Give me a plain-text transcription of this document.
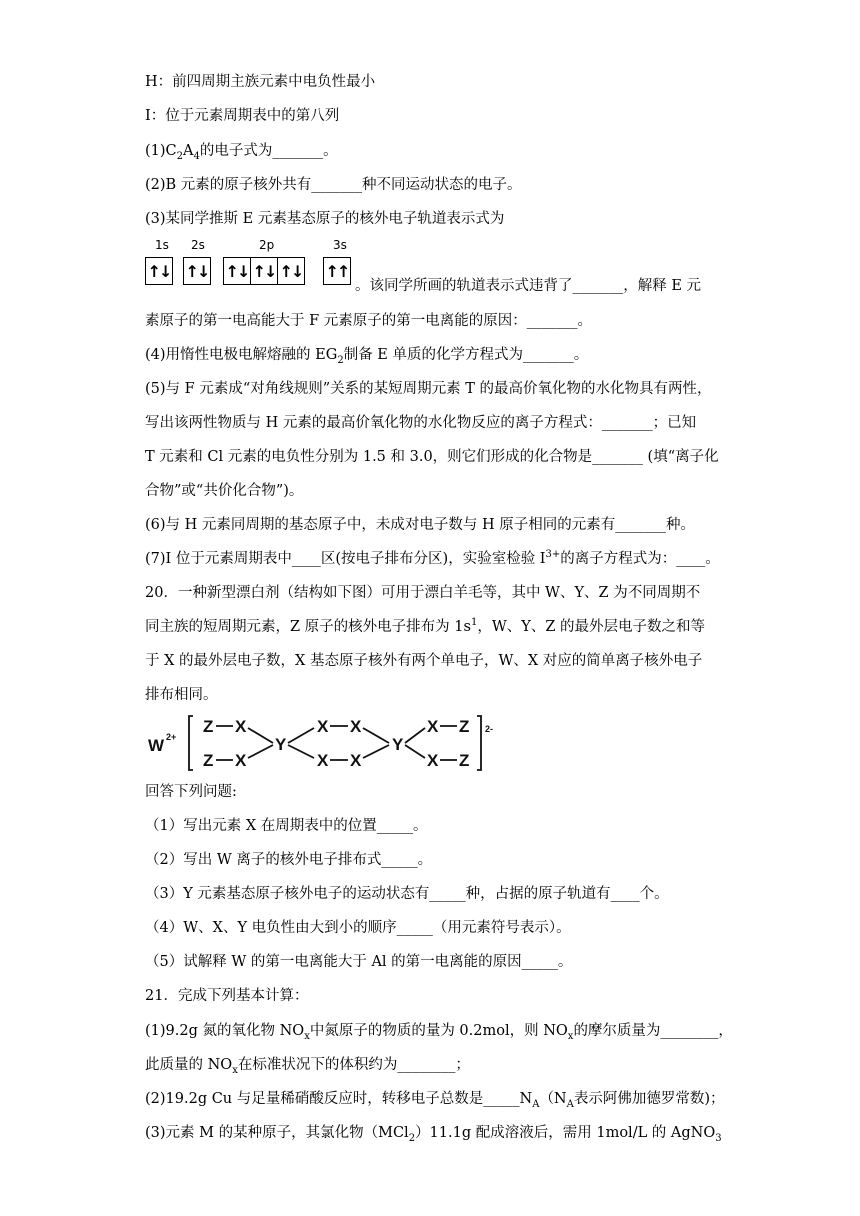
H：前四周期主族元素中电负性最小
I：位于元素周期表中的第八列
$(1)C_2A_4$的电子式为_______。
(2)B 元素的原子核外共有_______种不同运动状态的电子。
(3)某同学推斯 E 元素基态原子的核外电子轨道表示式为
1s 2s	2p	3s
↑↓ ↑↓ ↑↓ ↑↓ ↑↓ ↑↑
。该同学所画的轨道表示式违背了_______，解释 E 元
素原子的第一电高能大于 F 元素原子的第一电离能的原因：_______。
(4)用惰性电极电解熔融的 $EG_2$制备 E 单质的化学方程式为_______。
(5)与 F 元素成“对角线规则”关系的某短周期元素 T 的最高价氧化物的水化物具有两性，
写出该两性物质与 H 元素的最高价氧化物的水化物反应的离子方程式：_______；已知
T 元素和 Cl 元素的电负性分别为 1.5 和 3.0，则它们形成的化合物是_______ (填“离子化
合物”或“共价化合物”)。
(6)与 H 元素同周期的基态原子中，未成对电子数与 H 原子相同的元素有_______种。
(7)I 位于元素周期表中____区(按电子排布分区)，实验室检验 $I^{3+}$的离子方程式为：____。
20．一种新型漂白剂（结构如下图）可用于漂白羊毛等，其中 W、Y、Z 为不同周期不
同主族的短周期元素，Z 原子的核外电子排布为 $1s^1$，W、Y、Z 的最外层电子数之和等
于 X 的最外层电子数，X 基态原子核外有两个单电子，W、X 对应的简单离子核外电子
排布相同。
W 2+
Z X
Z X
Y
X X
X X
Y
X Z
X Z
2-
回答下列问题:
（1）写出元素 X 在周期表中的位置_____。
（2）写出 W 离子的核外电子排布式_____。
（3）Y 元素基态原子核外电子的运动状态有_____种，占据的原子轨道有____个。
（4）W、X、Y 电负性由大到小的顺序_____（用元素符号表示）。
（5）试解释 W 的第一电离能大于 Al 的第一电离能的原因_____。
21．完成下列基本计算：
(1)9.2g 氮的氧化物 $NO_x$中氮原子的物质的量为 0.2mol，则 $NO_x$的摩尔质量为________，
此质量的 $NO_x$在标准状况下的体积约为________；
(2)19.2g Cu 与足量稀硝酸反应时，转移电子总数是$\_\_\_\_\_N_A(N_A$表示阿佛加德罗常数)；
(3)元素 M 的某种原子，其氯化物（MCl$_2$）11.1g 配成溶液后，需用 1mol/L 的 AgNO$_3$
